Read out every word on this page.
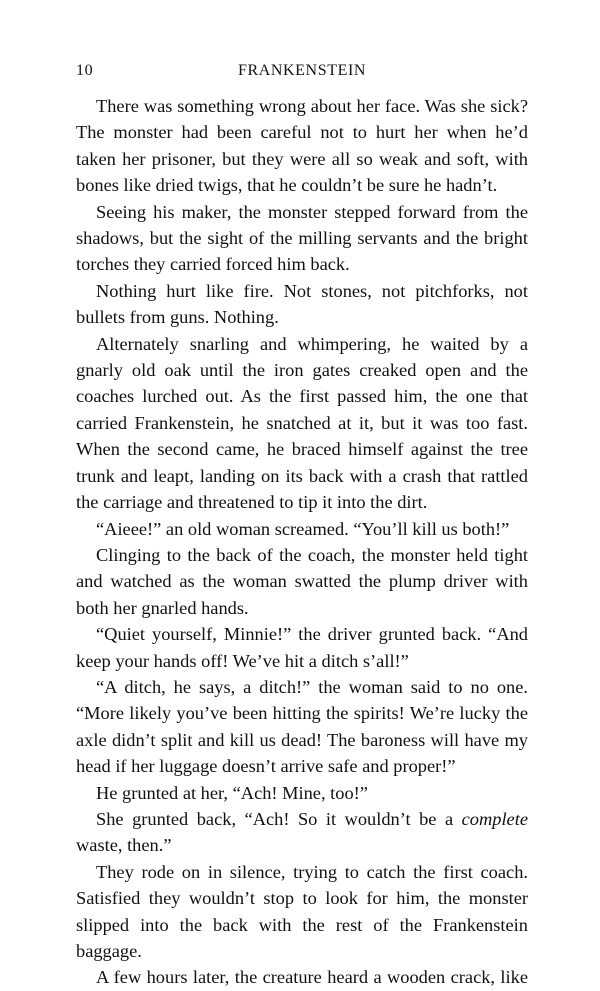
10	FRANKENSTEIN

There was something wrong about her face. Was she sick? The monster had been careful not to hurt her when he’d taken her prisoner, but they were all so weak and soft, with bones like dried twigs, that he couldn’t be sure he hadn’t.

Seeing his maker, the monster stepped forward from the shadows, but the sight of the milling servants and the bright torches they carried forced him back.

Nothing hurt like fire. Not stones, not pitchforks, not bullets from guns. Nothing.

Alternately snarling and whimpering, he waited by a gnarly old oak until the iron gates creaked open and the coaches lurched out. As the first passed him, the one that carried Frankenstein, he snatched at it, but it was too fast. When the second came, he braced himself against the tree trunk and leapt, landing on its back with a crash that rattled the carriage and threatened to tip it into the dirt.

“Aieee!” an old woman screamed. “You’ll kill us both!”

Clinging to the back of the coach, the monster held tight and watched as the woman swatted the plump driver with both her gnarled hands.

“Quiet yourself, Minnie!” the driver grunted back. “And keep your hands off! We’ve hit a ditch s’all!”

“A ditch, he says, a ditch!” the woman said to no one. “More likely you’ve been hitting the spirits! We’re lucky the axle didn’t split and kill us dead! The baroness will have my head if her luggage doesn’t arrive safe and proper!”

He grunted at her, “Ach! Mine, too!”

She grunted back, “Ach! So it wouldn’t be a complete waste, then.”

They rode on in silence, trying to catch the first coach. Satisfied they wouldn’t stop to look for him, the monster slipped into the back with the rest of the Frankenstein baggage.

A few hours later, the creature heard a wooden crack, like
